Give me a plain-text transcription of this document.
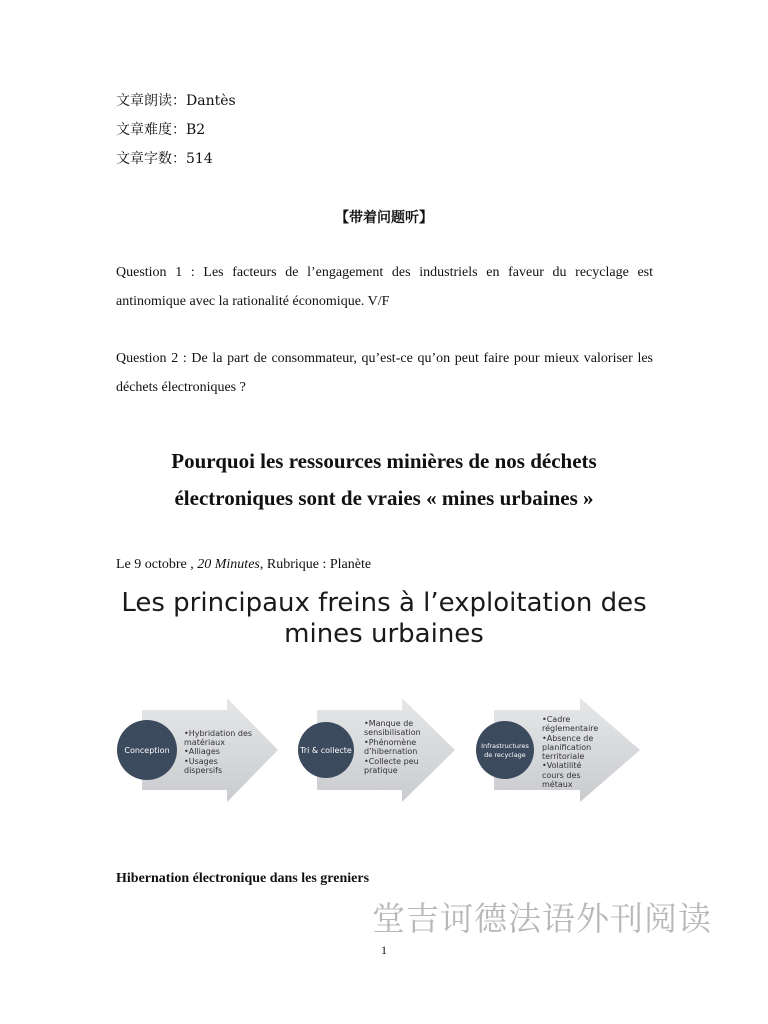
文章朗读：Dantès
文章难度：B2
文章字数：514
【带着问题听】
Question 1 : Les facteurs de l’engagement des industriels en faveur du recyclage est antinomique avec la rationalité économique. V/F
Question 2 : De la part de consommateur, qu’est-ce qu’on peut faire pour mieux valoriser les déchets électroniques ?
Pourquoi les ressources minières de nos déchets
électroniques sont de vraies « mines urbaines »
Le 9 octobre , 20 Minutes, Rubrique : Planète
Les principaux freins à l’exploitation des
mines urbaines
Conception
•Hybridation des
matériaux
•Alliages
•Usages
dispersifs
Tri & collecte
•Manque de
sensibilisation
•Phénomène
d’hibernation
•Collecte peu
pratique
Infrastructures
de recyclage
•Cadre
réglementaire
•Absence de
planification
territoriale
•Volatilité
cours des
métaux
Hibernation électronique dans les greniers
堂吉诃德法语外刊阅读
1
